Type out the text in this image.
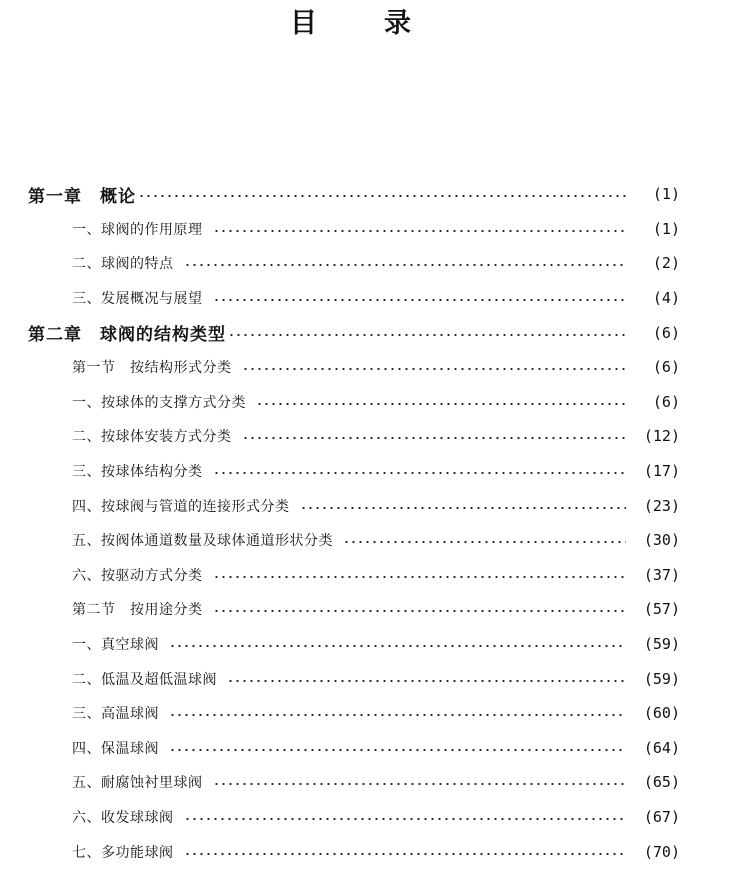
目 录
第一章　概论	(1)
一、球阀的作用原理	(1)
二、球阀的特点	(2)
三、发展概况与展望	(4)
第二章　球阀的结构类型	(6)
第一节　按结构形式分类	(6)
一、按球体的支撑方式分类	(6)
二、按球体安装方式分类	(12)
三、按球体结构分类	(17)
四、按球阀与管道的连接形式分类	(23)
五、按阀体通道数量及球体通道形状分类	(30)
六、按驱动方式分类	(37)
第二节　按用途分类	(57)
一、真空球阀	(59)
二、低温及超低温球阀	(59)
三、高温球阀	(60)
四、保温球阀	(64)
五、耐腐蚀衬里球阀	(65)
六、收发球球阀	(67)
七、多功能球阀	(70)
